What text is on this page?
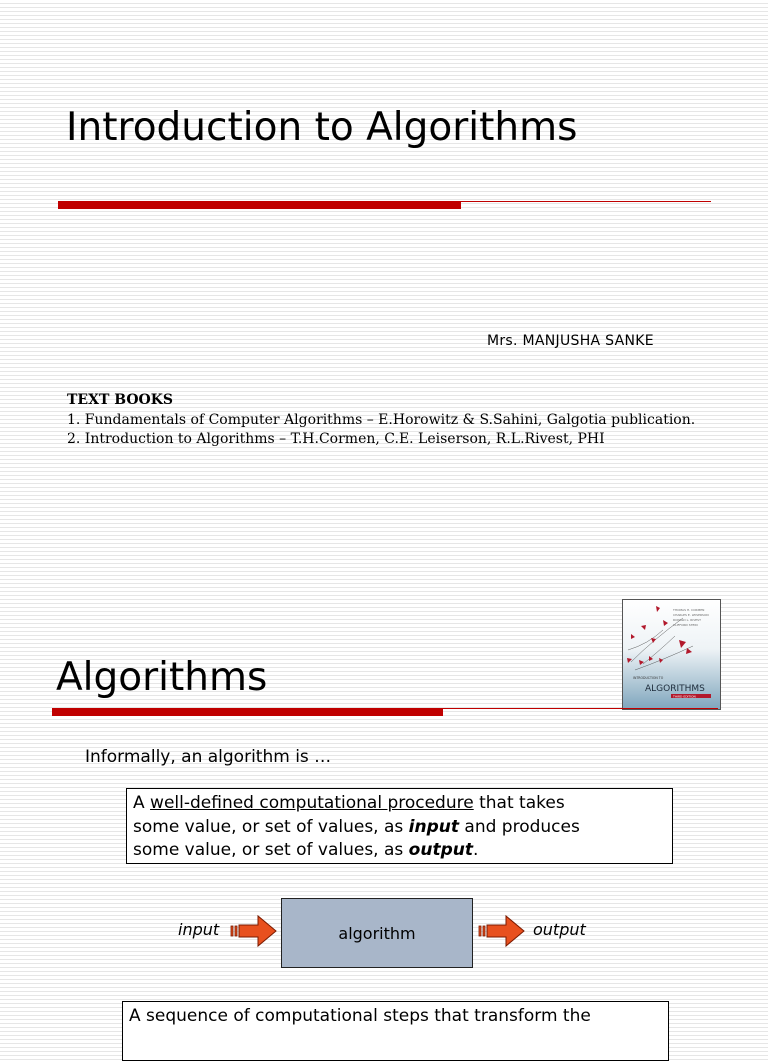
Introduction to Algorithms
Mrs. MANJUSHA SANKE
TEXT BOOKS
1. Fundamentals of Computer Algorithms – E.Horowitz & S.Sahini, Galgotia publication.
2. Introduction to Algorithms – T.H.Cormen, C.E. Leiserson, R.L.Rivest, PHI
THOMAS H. CORMEN
CHARLES E. LEISERSON
RONALD L. RIVEST
CLIFFORD STEIN
INTRODUCTION TO
ALGORITHMS
THIRD EDITION
Algorithms
Informally, an algorithm is …
A well-defined computational procedure that takes
some value, or set of values, as input and produces
some value, or set of values, as output.
input	algorithm	output
A sequence of computational steps that transform the
